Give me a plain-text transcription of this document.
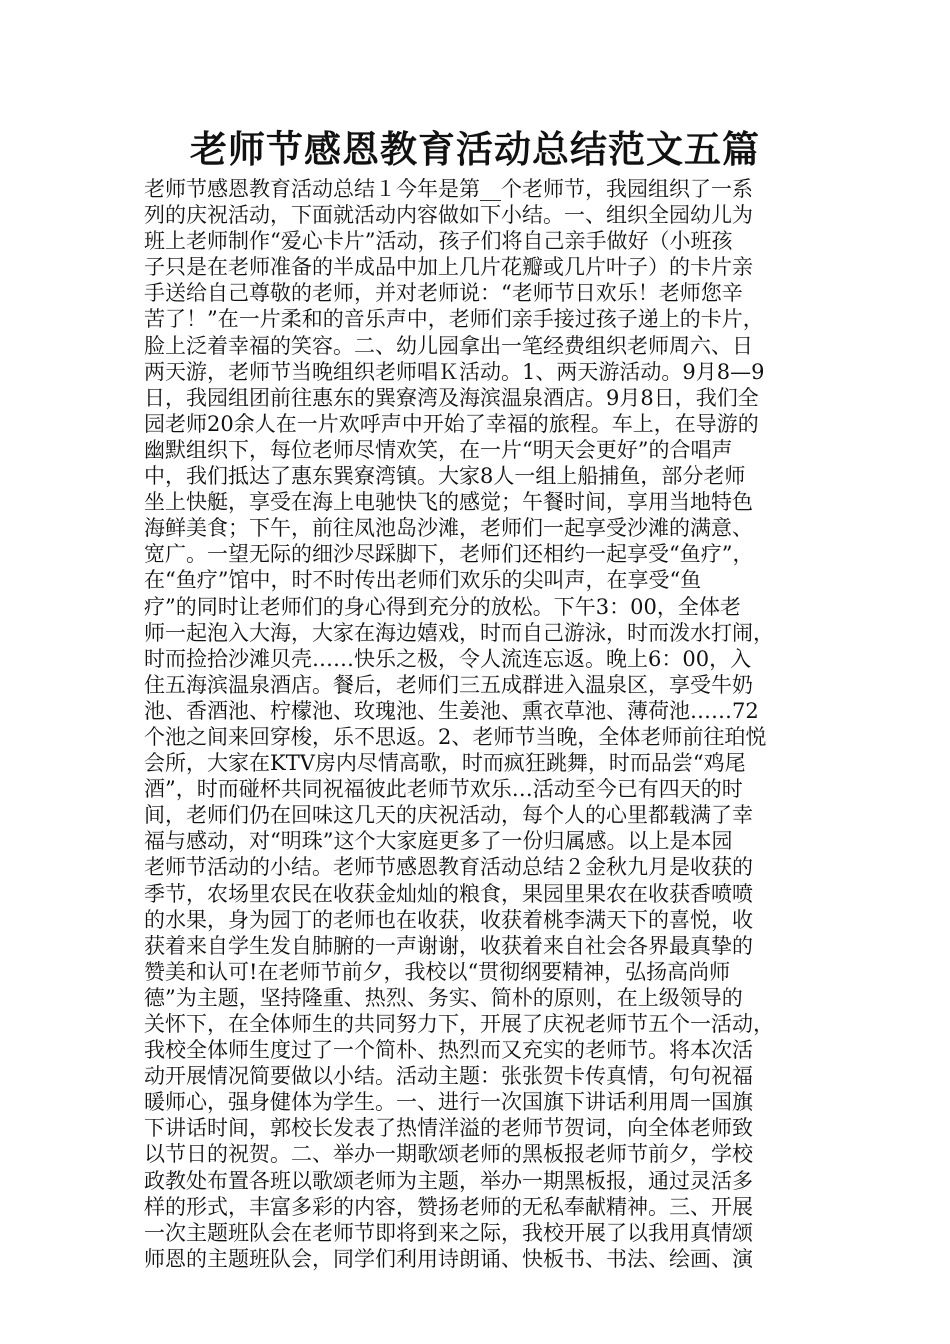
老师节感恩教育活动总结范文五篇
老师节感恩教育活动总结１今年是第__个老师节，我园组织了一系
列的庆祝活动，下面就活动内容做如下小结。一、组织全园幼儿为
班上老师制作“爱心卡片”活动，孩子们将自己亲手做好（小班孩
子只是在老师准备的半成品中加上几片花瓣或几片叶子）的卡片亲
手送给自己尊敬的老师，并对老师说：“老师节日欢乐！老师您辛
苦了！”在一片柔和的音乐声中，老师们亲手接过孩子递上的卡片，
脸上泛着幸福的笑容。二、幼儿园拿出一笔经费组织老师周六、日
两天游，老师节当晚组织老师唱Ｋ活动。1、两天游活动。9月8—9
日，我园组团前往惠东的巽寮湾及海滨温泉酒店。9月8日，我们全
园老师20余人在一片欢呼声中开始了幸福的旅程。车上，在导游的
幽默组织下，每位老师尽情欢笑，在一片“明天会更好”的合唱声
中，我们抵达了惠东巽寮湾镇。大家8人一组上船捕鱼，部分老师
坐上快艇，享受在海上电驰快飞的感觉；午餐时间，享用当地特色
海鲜美食；下午，前往凤池岛沙滩，老师们一起享受沙滩的满意、
宽广。一望无际的细沙尽踩脚下，老师们还相约一起享受“鱼疗”，
在“鱼疗”馆中，时不时传出老师们欢乐的尖叫声，在享受“鱼
疗”的同时让老师们的身心得到充分的放松。下午3：00，全体老
师一起泡入大海，大家在海边嬉戏，时而自己游泳，时而泼水打闹，
时而捡拾沙滩贝壳……快乐之极，令人流连忘返。晚上6：00，入
住五海滨温泉酒店。餐后，老师们三五成群进入温泉区，享受牛奶
池、香酒池、柠檬池、玫瑰池、生姜池、熏衣草池、薄荷池……72
个池之间来回穿梭，乐不思返。2、老师节当晚，全体老师前往珀悦
会所，大家在KTV房内尽情高歌，时而疯狂跳舞，时而品尝“鸡尾
酒”，时而碰杯共同祝福彼此老师节欢乐…活动至今已有四天的时
间，老师们仍在回味这几天的庆祝活动，每个人的心里都载满了幸
福与感动，对“明珠”这个大家庭更多了一份归属感。以上是本园
老师节活动的小结。老师节感恩教育活动总结２金秋九月是收获的
季节，农场里农民在收获金灿灿的粮食，果园里果农在收获香喷喷
的水果，身为园丁的老师也在收获，收获着桃李满天下的喜悦，收
获着来自学生发自肺腑的一声谢谢，收获着来自社会各界最真挚的
赞美和认可!在老师节前夕，我校以“贯彻纲要精神，弘扬高尚师
德”为主题，坚持隆重、热烈、务实、简朴的原则，在上级领导的
关怀下，在全体师生的共同努力下，开展了庆祝老师节五个一活动，
我校全体师生度过了一个简朴、热烈而又充实的老师节。将本次活
动开展情况简要做以小结。活动主题：张张贺卡传真情，句句祝福
暖师心，强身健体为学生。一、进行一次国旗下讲话利用周一国旗
下讲话时间，郭校长发表了热情洋溢的老师节贺词，向全体老师致
以节日的祝贺。二、举办一期歌颂老师的黑板报老师节前夕，学校
政教处布置各班以歌颂老师为主题，举办一期黑板报，通过灵活多
样的形式，丰富多彩的内容，赞扬老师的无私奉献精神。三、开展
一次主题班队会在老师节即将到来之际，我校开展了以我用真情颂
师恩的主题班队会，同学们利用诗朗诵、快板书、书法、绘画、演
